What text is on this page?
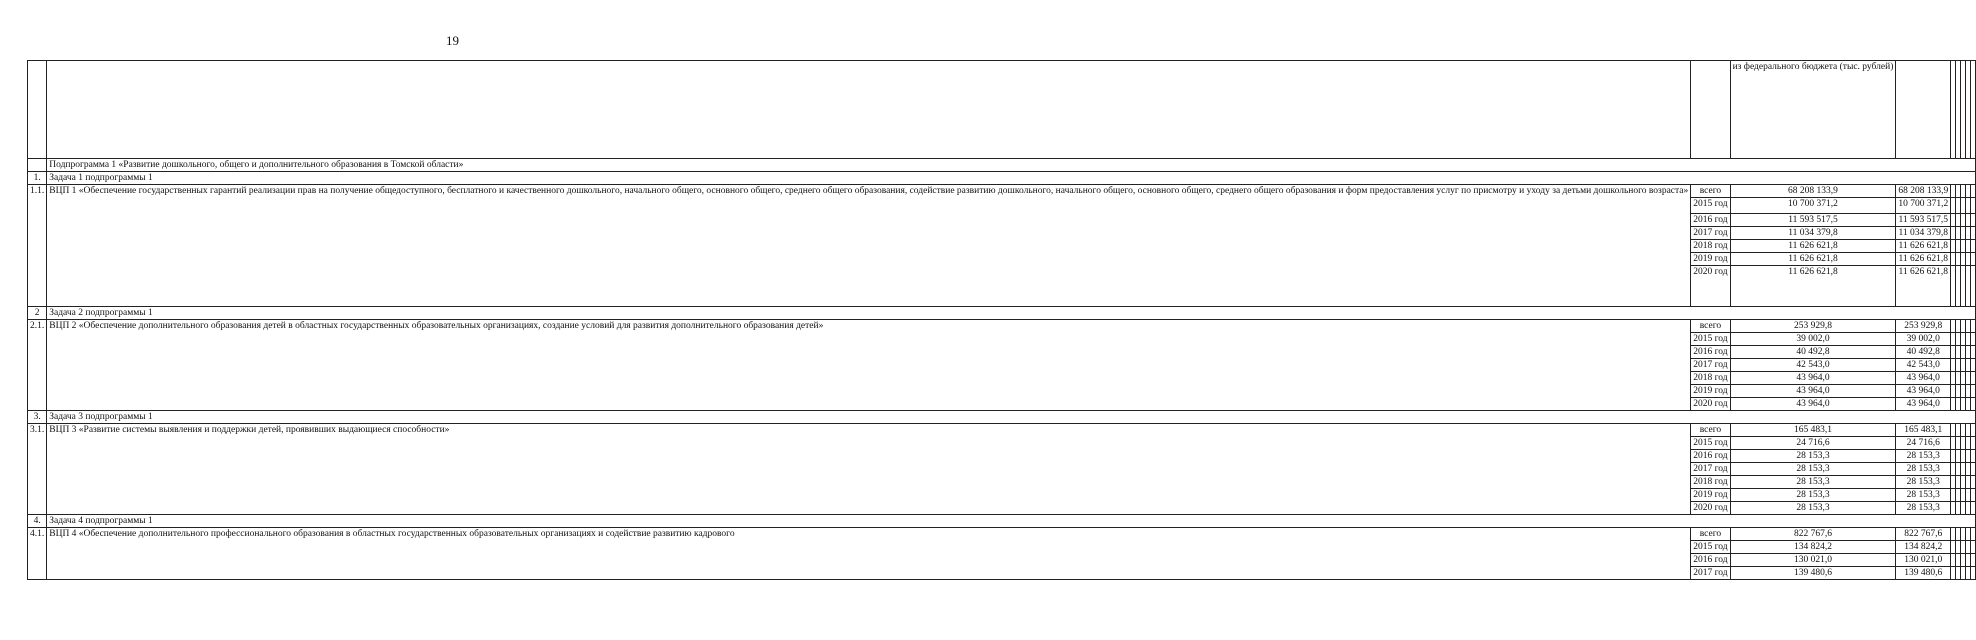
19
			из федерального бюджета (тыс. рублей)						
	Подпрограмма 1 «Развитие дошкольного, общего и дополнительного образования в Томской области»								
1.	Задача 1 подпрограммы 1								
1.1.	ВЦП 1 «Обеспечение государственных гарантий реализации прав на получение общедоступного, бесплатного и качественного дошкольного, начального общего, основного общего, среднего общего образования, содействие развитию дошкольного, начального общего, основного общего, среднего общего образования и форм предоставления услуг по присмотру и уходу за детьми дошкольного возраста»	всего	68 208 133,9	68 208 133,9					
		2015 год	10 700 371,2	10 700 371,2					
		2016 год	11 593 517,5	11 593 517,5					
		2017 год	11 034 379,8	11 034 379,8					
		2018 год	11 626 621,8	11 626 621,8					
		2019 год	11 626 621,8	11 626 621,8					
		2020 год	11 626 621,8	11 626 621,8					
2	Задача 2 подпрограммы 1								
2.1.	ВЦП 2 «Обеспечение дополнительного образования детей в областных государственных образовательных организациях, создание условий для развития дополнительного образования детей»	всего	253 929,8	253 929,8					
		2015 год	39 002,0	39 002,0					
		2016 год	40 492,8	40 492,8					
		2017 год	42 543,0	42 543,0					
		2018 год	43 964,0	43 964,0					
		2019 год	43 964,0	43 964,0					
		2020 год	43 964,0	43 964,0					
3.	Задача 3 подпрограммы 1								
3.1.	ВЦП 3 «Развитие системы выявления и поддержки детей, проявивших выдающиеся способности»	всего	165 483,1	165 483,1					
		2015 год	24 716,6	24 716,6					
		2016 год	28 153,3	28 153,3					
		2017 год	28 153,3	28 153,3					
		2018 год	28 153,3	28 153,3					
		2019 год	28 153,3	28 153,3					
		2020 год	28 153,3	28 153,3					
4.	Задача 4 подпрограммы 1								
4.1.	ВЦП 4 «Обеспечение дополнительного профессионального образования в областных государственных образовательных организациях и содействие развитию кадрового	всего	822 767,6	822 767,6					
		2015 год	134 824,2	134 824,2					
		2016 год	130 021,0	130 021,0					
		2017 год	139 480,6	139 480,6					
